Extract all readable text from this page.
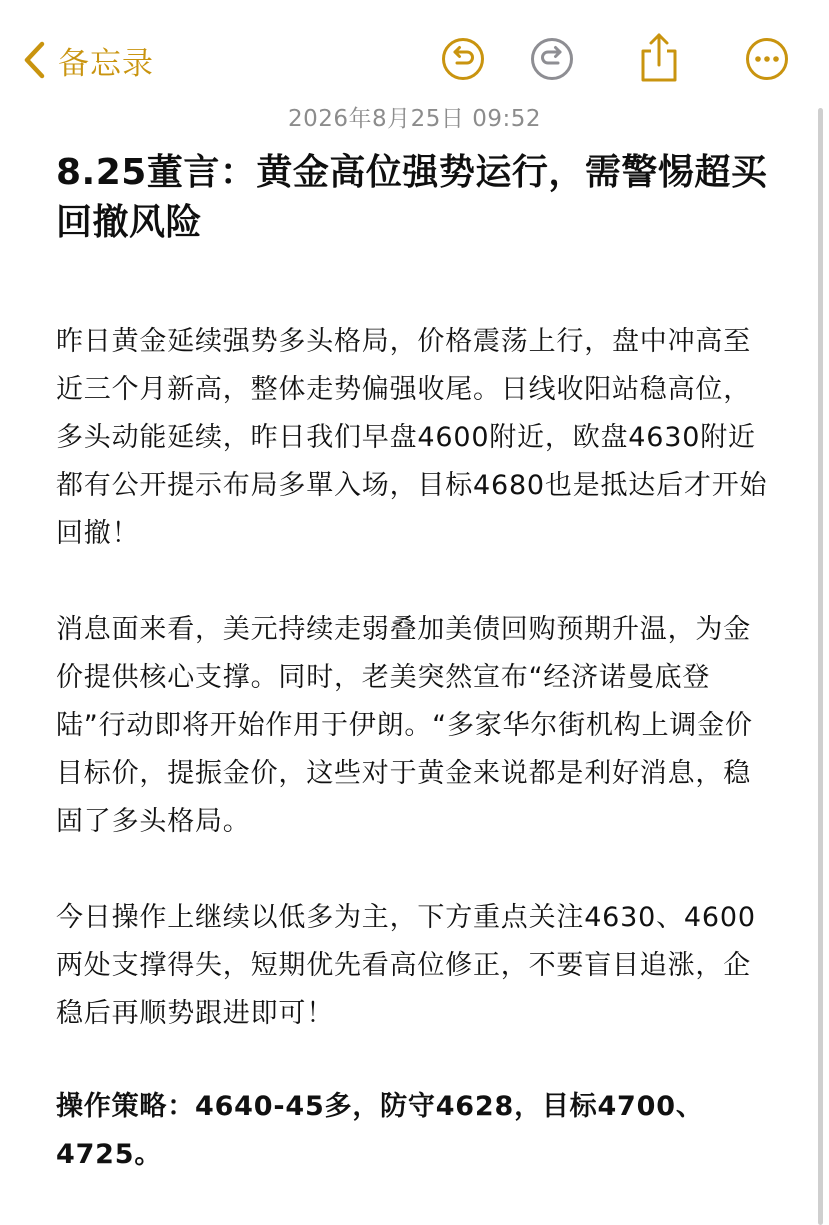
备忘录
2026年8月25日 09:52
8.25董言：黄金高位强势运行，需警惕超买回撤风险

昨日黄金延续强势多头格局，价格震荡上行，盘中冲高至近三个月新高，整体走势偏强收尾。日线收阳站稳高位，多头动能延续，昨日我们早盘4600附近，欧盘4630附近都有公开提示布局多單入场，目标4680也是抵达后才开始回撤！

消息面来看，美元持续走弱叠加美债回购预期升温，为金价提供核心支撑。同时，老美突然宣布“经济诺曼底登陆”行动即将开始作用于伊朗。“多家华尔街机构上调金价目标价，提振金价，这些对于黄金来说都是利好消息，稳固了多头格局。

今日操作上继续以低多为主，下方重点关注4630、4600两处支撑得失，短期优先看高位修正，不要盲目追涨，企稳后再顺势跟进即可！

操作策略：4640-45多，防守4628，目标4700、4725。
